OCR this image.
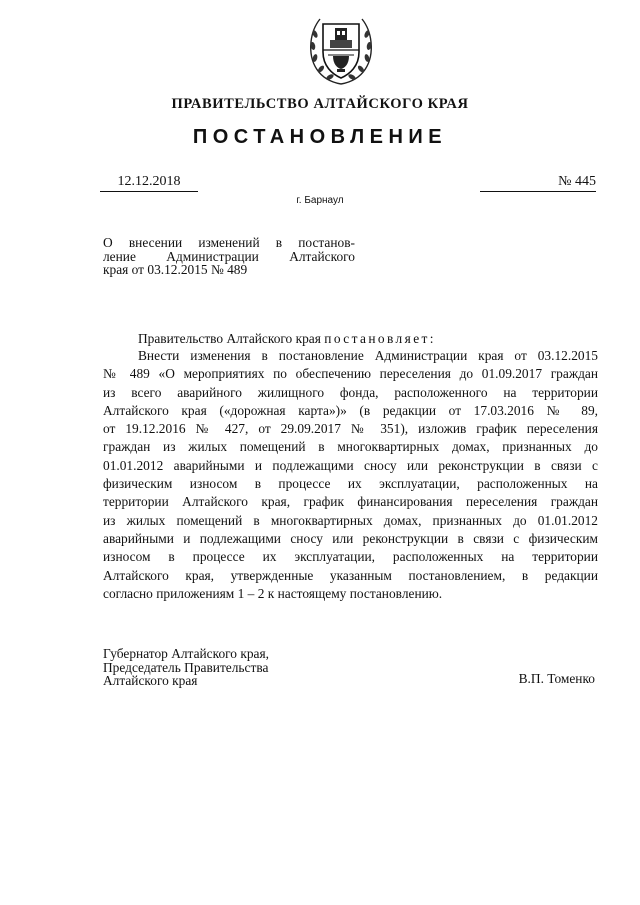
ПРАВИТЕЛЬСТВО АЛТАЙСКОГО КРАЯ
ПОСТАНОВЛЕНИЕ
12.12.2018	№ 445
г. Барнаул
О внесении изменений в постанов-
ление Администрации Алтайского
края от 03.12.2015 № 489
Правительство Алтайского края постановляет:
Внести изменения в постановление Администрации края от 03.12.2015
№ 489 «О мероприятиях по обеспечению переселения до 01.09.2017 граждан
из всего аварийного жилищного фонда, расположенного на территории
Алтайского края («дорожная карта»)» (в редакции от 17.03.2016 № 89,
от 19.12.2016 № 427, от 29.09.2017 № 351), изложив график переселения
граждан из жилых помещений в многоквартирных домах, признанных до
01.01.2012 аварийными и подлежащими сносу или реконструкции в связи с
физическим износом в процессе их эксплуатации, расположенных на
территории Алтайского края, график финансирования переселения граждан
из жилых помещений в многоквартирных домах, признанных до 01.01.2012
аварийными и подлежащими сносу или реконструкции в связи с физическим
износом в процессе их эксплуатации, расположенных на территории
Алтайского края, утвержденные указанным постановлением, в редакции
согласно приложениям 1 – 2 к настоящему постановлению.
Губернатор Алтайского края,
Председатель Правительства
Алтайского края	В.П. Томенко
